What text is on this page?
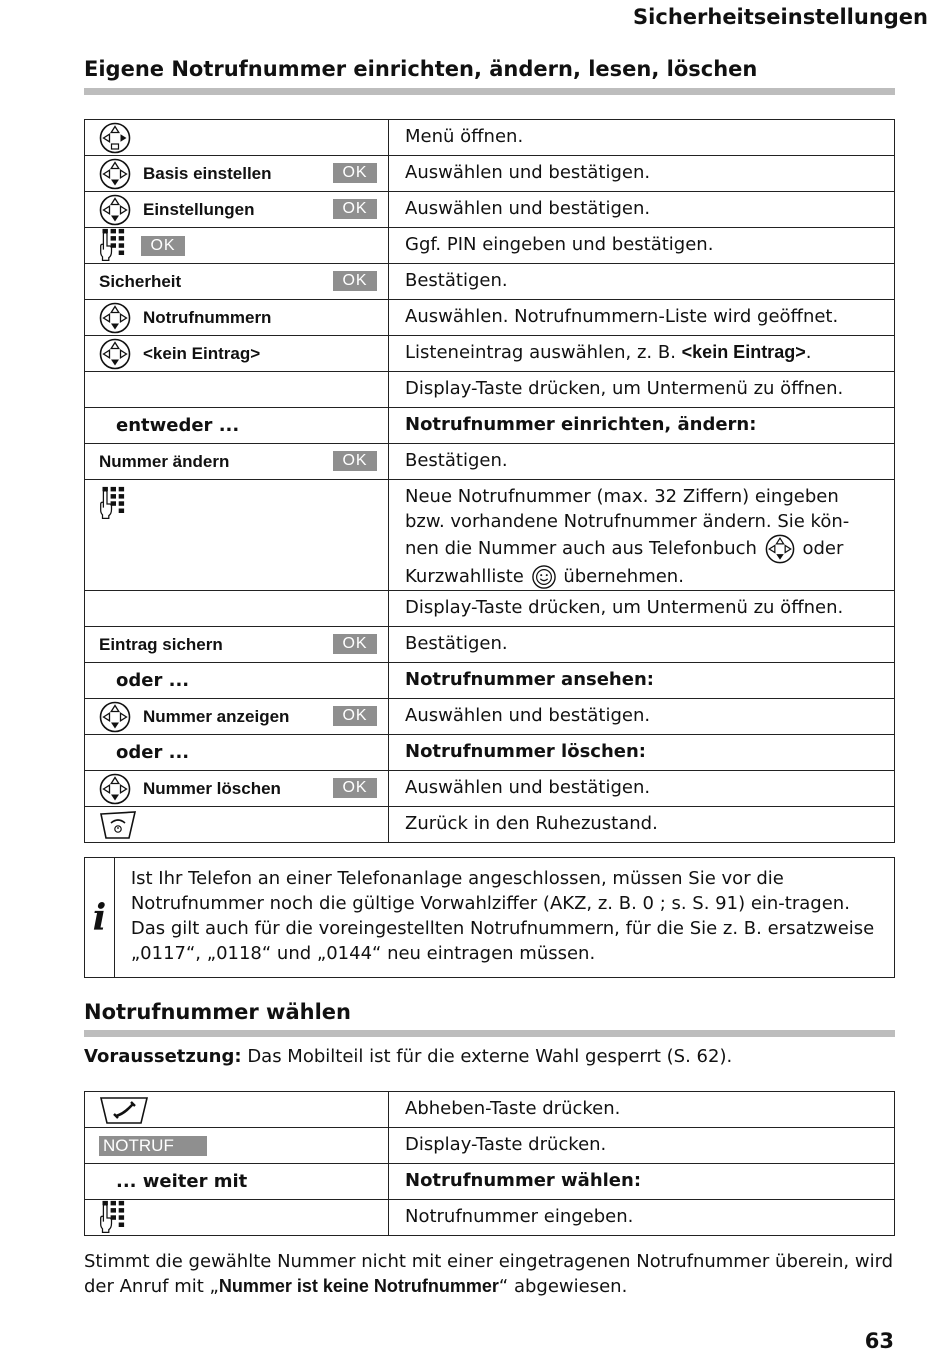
Sicherheitseinstellungen
Eigene Notrufnummer einrichten, ändern, lesen, löschen
	Menü öffnen.

Basis einstellen OK	Auswählen und bestätigen.

Einstellungen OK	Auswählen und bestätigen.

OK	Ggf. PIN eingeben und bestätigen.

Sicherheit OK	Bestätigen.

Notrufnummern	Auswählen. Notrufnummern-Liste wird geöffnet.

<kein Eintrag>	Listeneintrag auswählen, z. B. <kein Eintrag>.
	Display-Taste drücken, um Untermenü zu öffnen.

entweder ...	Notrufnummer einrichten, ändern:

Nummer ändern OK	Bestätigen.

	Neue Notrufnummer (max. 32 Ziffern) eingeben bzw. vorhandene Notrufnummer ändern. Sie kön-nen die Nummer auch aus Telefonbuch oder Kurzwahlliste übernehmen.
	Display-Taste drücken, um Untermenü zu öffnen.

Eintrag sichern OK	Bestätigen.

oder ...	Notrufnummer ansehen:

Nummer anzeigen OK	Auswählen und bestätigen.

oder ...	Notrufnummer löschen:

Nummer löschen OK	Auswählen und bestätigen.

	Zurück in den Ruhezustand.
i
Ist Ihr Telefon an einer Telefonanlage angeschlossen, müssen Sie vor die Notrufnummer noch die gültige Vorwahlziffer (AKZ, z. B. 0 ; s. S. 91) ein-tragen. Das gilt auch für die voreingestellten Notrufnummern, für die Sie z. B. ersatzweise „0117“, „0118“ und „0144“ neu eintragen müssen.
Notrufnummer wählen
Voraussetzung: Das Mobilteil ist für die externe Wahl gesperrt (S. 62).
	Abheben-Taste drücken.

NOTRUF	Display-Taste drücken.

... weiter mit	Notrufnummer wählen:

	Notrufnummer eingeben.
Stimmt die gewählte Nummer nicht mit einer eingetragenen Notrufnummer überein, wird der Anruf mit „Nummer ist keine Notrufnummer“ abgewiesen.
63
